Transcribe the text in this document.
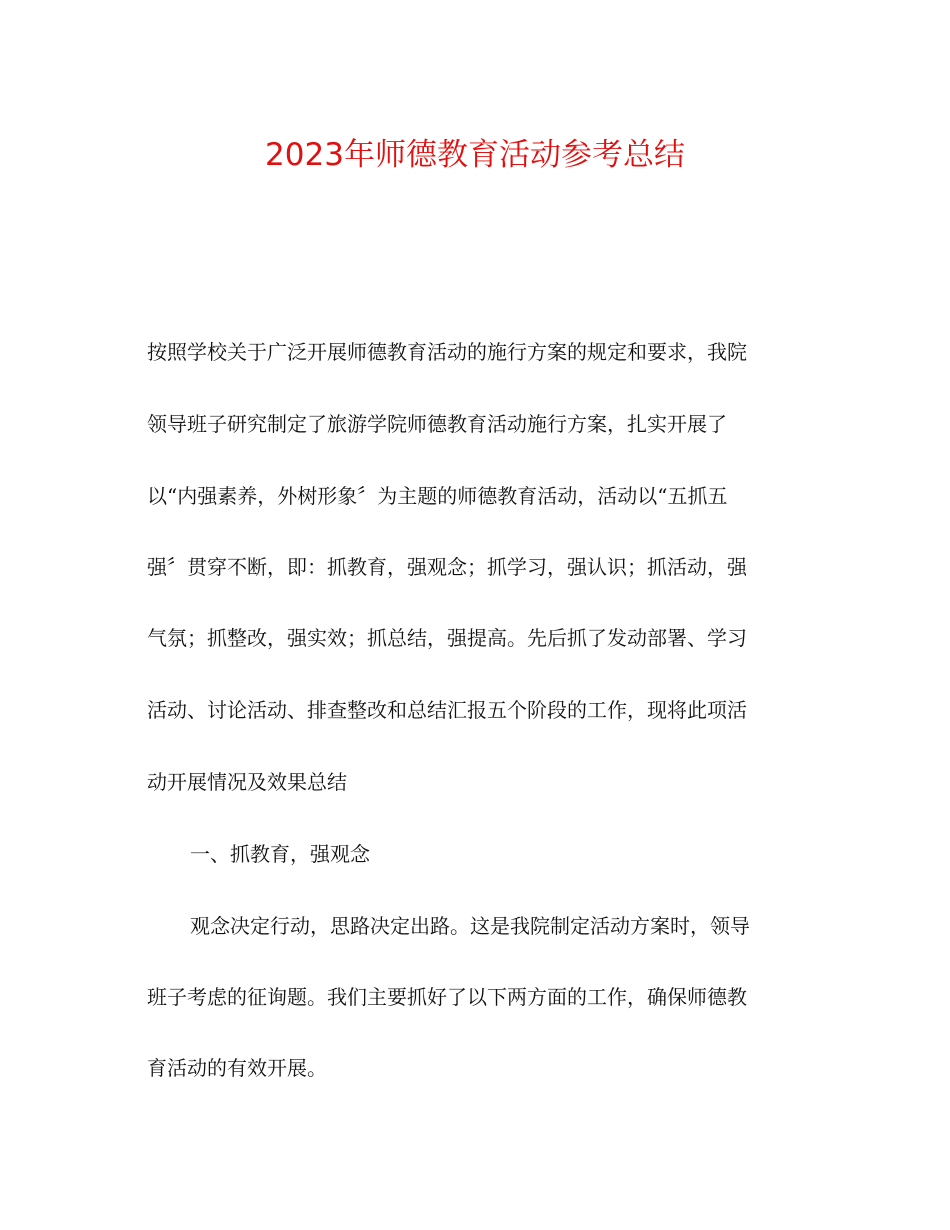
2023年师德教育活动参考总结
按照学校关于广泛开展师德教育活动的施行方案的规定和要求，我院
领导班子研究制定了旅游学院师德教育活动施行方案，扎实开展了
以“内强素养，外树形象〞为主题的师德教育活动，活动以“五抓五
强〞贯穿不断，即：抓教育，强观念；抓学习，强认识；抓活动，强
气氛；抓整改，强实效；抓总结，强提高。先后抓了发动部署、学习
活动、讨论活动、排查整改和总结汇报五个阶段的工作，现将此项活
动开展情况及效果总结
一、抓教育，强观念
观念决定行动，思路决定出路。这是我院制定活动方案时，领导
班子考虑的征询题。我们主要抓好了以下两方面的工作，确保师德教
育活动的有效开展。
